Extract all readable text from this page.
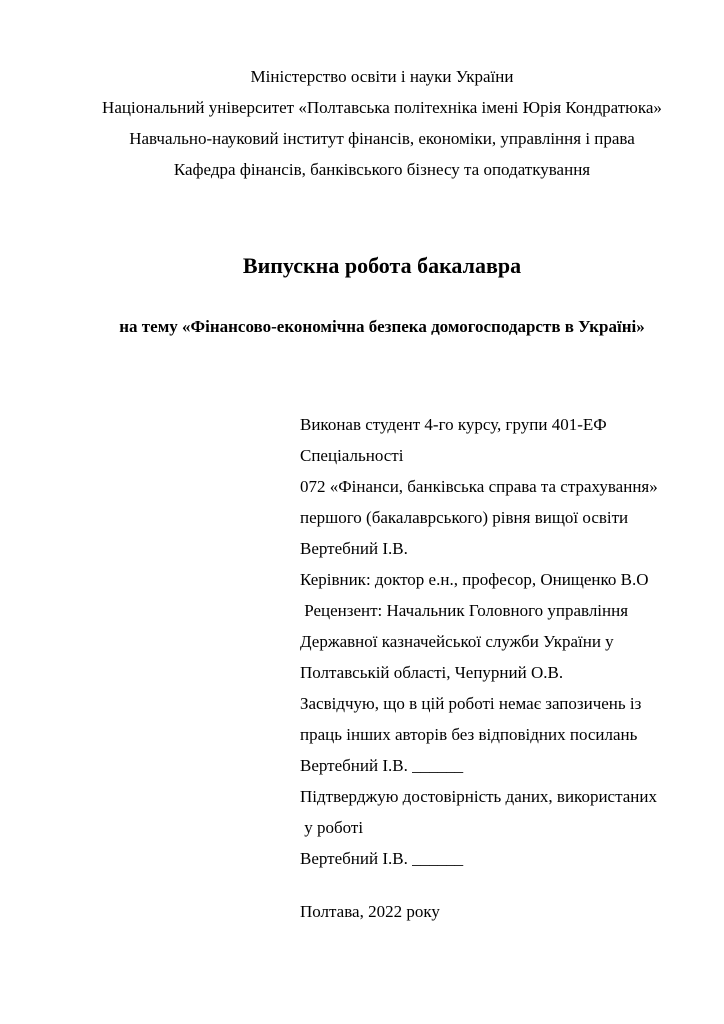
Міністерство освіти і науки України
Національний університет «Полтавська політехніка імені Юрія Кондратюка»
Навчально-науковий інститут фінансів, економіки, управління і права
Кафедра фінансів, банківського бізнесу та оподаткування
Випускна робота бакалавра
на тему «Фінансово-економічна безпека домогосподарств в Україні»
Виконав студент 4-го курсу, групи 401-ЕФ
Спеціальності
072 «Фінанси, банківська справа та страхування»
першого (бакалаврського) рівня вищої освіти
Вертебний І.В.
Керівник: доктор е.н., професор, Онищенко В.О
Рецензент: Начальник Головного управління
Державної казначейської служби України у
Полтавській області, Чепурний О.В.
Засвідчую, що в цій роботі немає запозичень із
праць інших авторів без відповідних посилань
Вертебний І.В. ______
Підтверджую достовірність даних, використаних
у роботі
Вертебний І.В. ______
Полтава, 2022 року
